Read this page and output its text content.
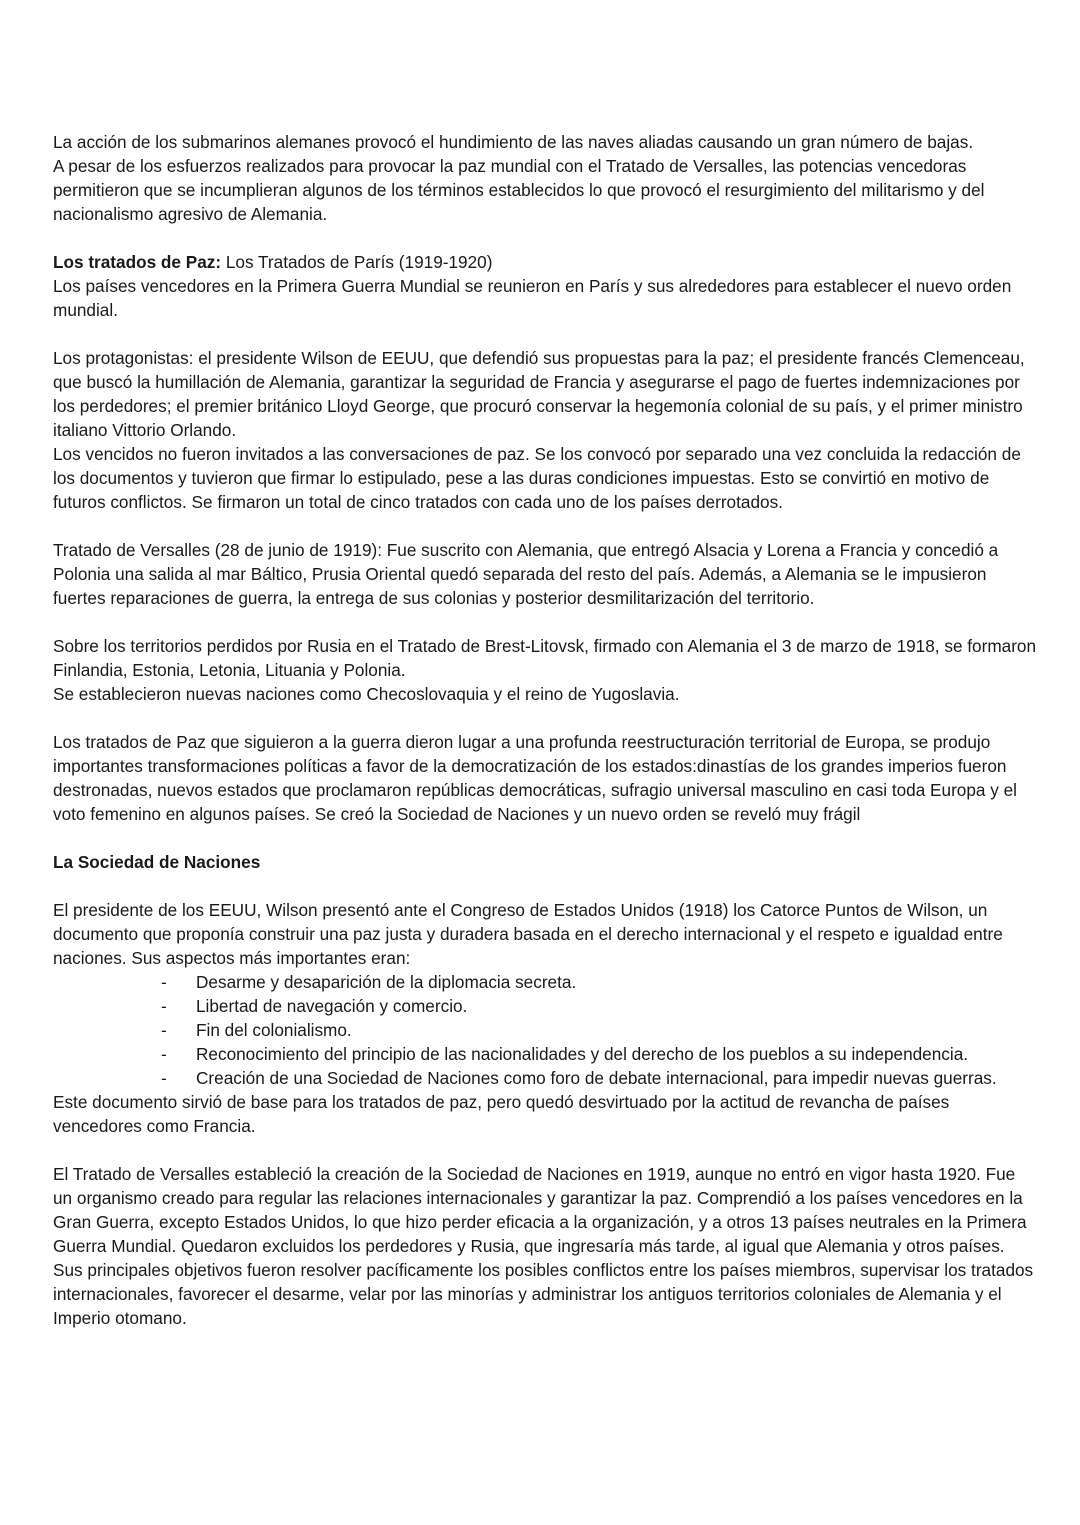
La acción de los submarinos alemanes provocó el hundimiento de las naves aliadas causando un gran número de bajas.

A pesar de los esfuerzos realizados para provocar la paz mundial con el Tratado de Versalles, las potencias vencedoras permitieron que se incumplieran algunos de los términos establecidos lo que provocó el resurgimiento del militarismo y del nacionalismo agresivo de Alemania.

Los tratados de Paz: Los Tratados de París (1919-1920)

Los países vencedores en la Primera Guerra Mundial se reunieron en París y sus alrededores para establecer el nuevo orden mundial.

Los protagonistas: el presidente Wilson de EEUU, que defendió sus propuestas para la paz; el presidente francés Clemenceau, que buscó la humillación de Alemania, garantizar la seguridad de Francia y asegurarse el pago de fuertes indemnizaciones por los perdedores; el premier británico Lloyd George, que procuró conservar la hegemonía colonial de su país, y el primer ministro italiano Vittorio Orlando.

Los vencidos no fueron invitados a las conversaciones de paz. Se los convocó por separado una vez concluida la redacción de los documentos y tuvieron que firmar lo estipulado, pese a las duras condiciones impuestas. Esto se convirtió en motivo de futuros conflictos. Se firmaron un total de cinco tratados con cada uno de los países derrotados.

Tratado de Versalles (28 de junio de 1919): Fue suscrito con Alemania, que entregó Alsacia y Lorena a Francia y concedió a Polonia una salida al mar Báltico, Prusia Oriental quedó separada del resto del país. Además, a Alemania se le impusieron fuertes reparaciones de guerra, la entrega de sus colonias y posterior desmilitarización del territorio.

Sobre los territorios perdidos por Rusia en el Tratado de Brest-Litovsk, firmado con Alemania el 3 de marzo de 1918, se formaron Finlandia, Estonia, Letonia, Lituania y Polonia.

Se establecieron nuevas naciones como Checoslovaquia y el reino de Yugoslavia.

Los tratados de Paz que siguieron a la guerra dieron lugar a una profunda reestructuración territorial de Europa, se produjo importantes transformaciones políticas a favor de la democratización de los estados:dinastías de los grandes imperios fueron destronadas, nuevos estados que proclamaron repúblicas democráticas, sufragio universal masculino en casi toda Europa y el voto femenino en algunos países. Se creó la Sociedad de Naciones y un nuevo orden se reveló muy frágil

La Sociedad de Naciones

El presidente de los EEUU, Wilson presentó ante el Congreso de Estados Unidos (1918) los Catorce Puntos de Wilson, un documento que proponía construir una paz justa y duradera basada en el derecho internacional y el respeto e igualdad entre naciones. Sus aspectos más importantes eran:

- Desarme y desaparición de la diplomacia secreta.
- Libertad de navegación y comercio.
- Fin del colonialismo.
- Reconocimiento del principio de las nacionalidades y del derecho de los pueblos a su independencia.
- Creación de una Sociedad de Naciones como foro de debate internacional, para impedir nuevas guerras.

Este documento sirvió de base para los tratados de paz, pero quedó desvirtuado por la actitud de revancha de países vencedores como Francia.

El Tratado de Versalles estableció la creación de la Sociedad de Naciones en 1919, aunque no entró en vigor hasta 1920. Fue un organismo creado para regular las relaciones internacionales y garantizar la paz. Comprendió a los países vencedores en la Gran Guerra, excepto Estados Unidos, lo que hizo perder eficacia a la organización, y a otros 13 países neutrales en la Primera Guerra Mundial. Quedaron excluidos los perdedores y Rusia, que ingresaría más tarde, al igual que Alemania y otros países. Sus principales objetivos fueron resolver pacíficamente los posibles conflictos entre los países miembros, supervisar los tratados internacionales, favorecer el desarme, velar por las minorías y administrar los antiguos territorios coloniales de Alemania y el Imperio otomano.
